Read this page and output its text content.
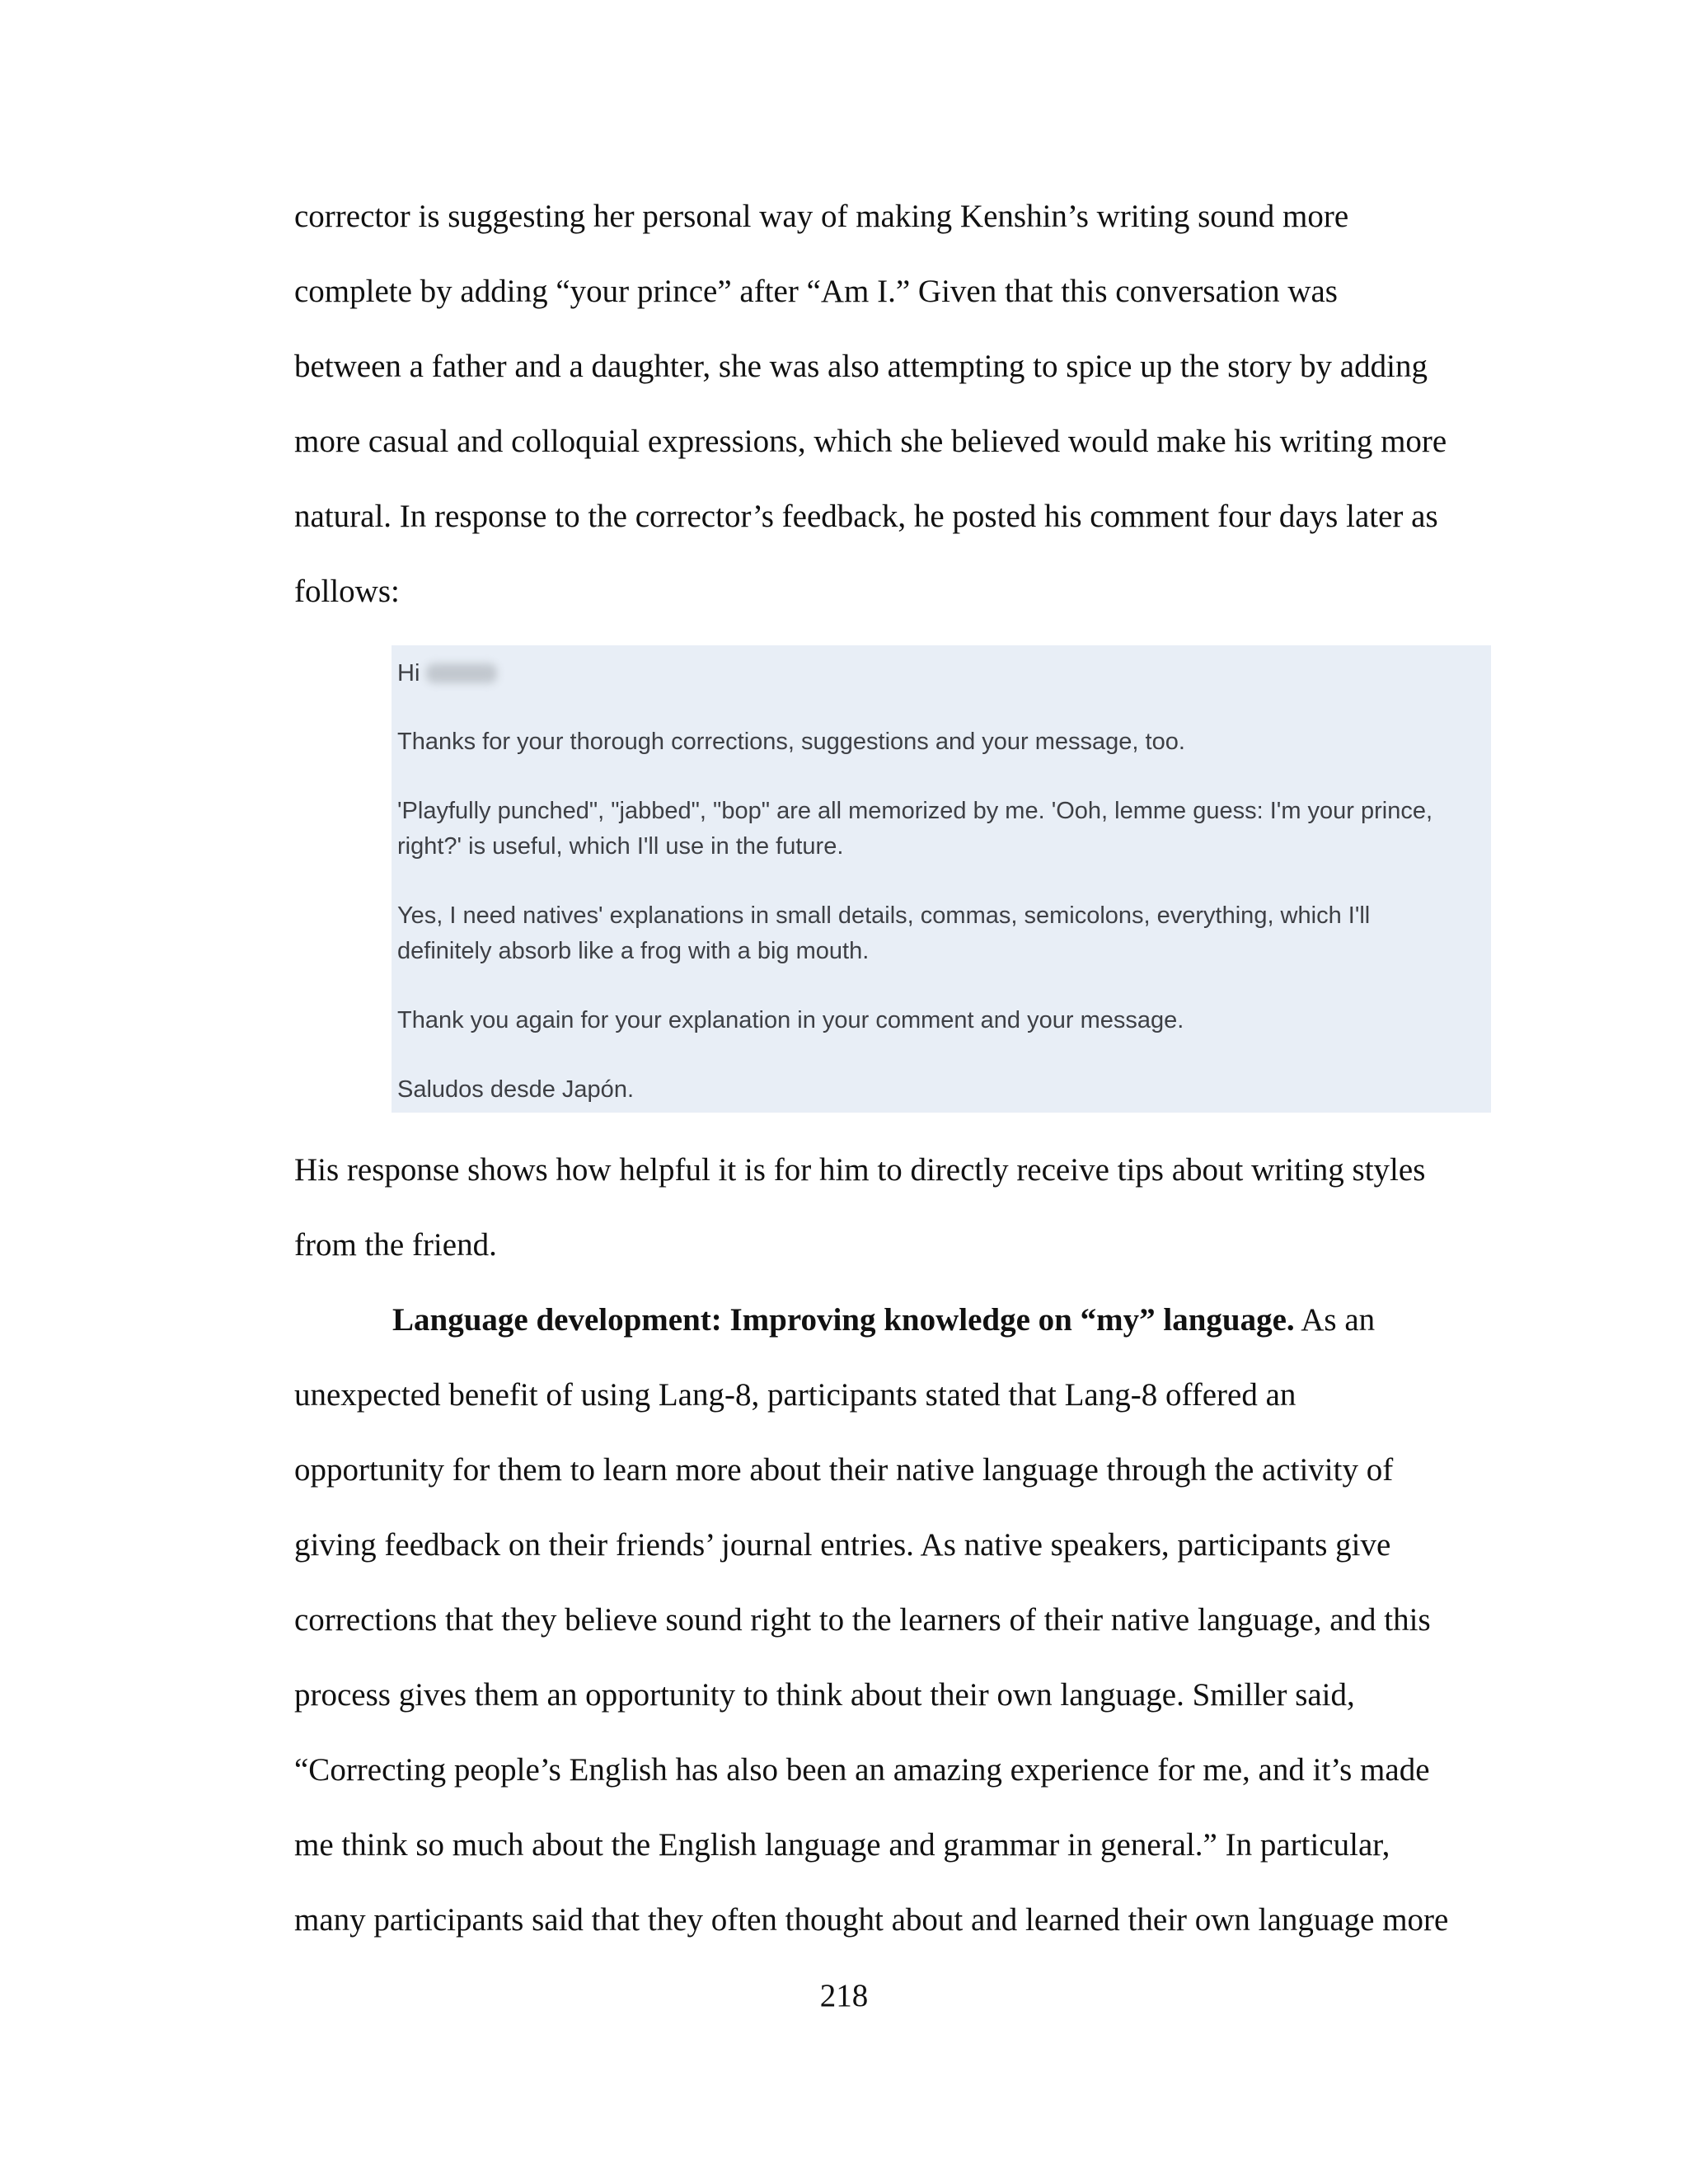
corrector is suggesting her personal way of making Kenshin’s writing sound more
complete by adding “your prince” after “Am I.” Given that this conversation was
between a father and a daughter, she was also attempting to spice up the story by adding
more casual and colloquial expressions, which she believed would make his writing more
natural. In response to the corrector’s feedback, he posted his comment four days later as
follows:
Hi
Thanks for your thorough corrections, suggestions and your message, too.
'Playfully punched", "jabbed", "bop" are all memorized by me. 'Ooh, lemme guess: I'm your prince,
right?' is useful, which I'll use in the future.
Yes, I need natives' explanations in small details, commas, semicolons, everything, which I'll
definitely absorb like a frog with a big mouth.
Thank you again for your explanation in your comment and your message.
Saludos desde Japón.
His response shows how helpful it is for him to directly receive tips about writing styles
from the friend.
Language development: Improving knowledge on “my” language. As an
unexpected benefit of using Lang-8, participants stated that Lang-8 offered an
opportunity for them to learn more about their native language through the activity of
giving feedback on their friends’ journal entries. As native speakers, participants give
corrections that they believe sound right to the learners of their native language, and this
process gives them an opportunity to think about their own language. Smiller said,
“Correcting people’s English has also been an amazing experience for me, and it’s made
me think so much about the English language and grammar in general.” In particular,
many participants said that they often thought about and learned their own language more
218
